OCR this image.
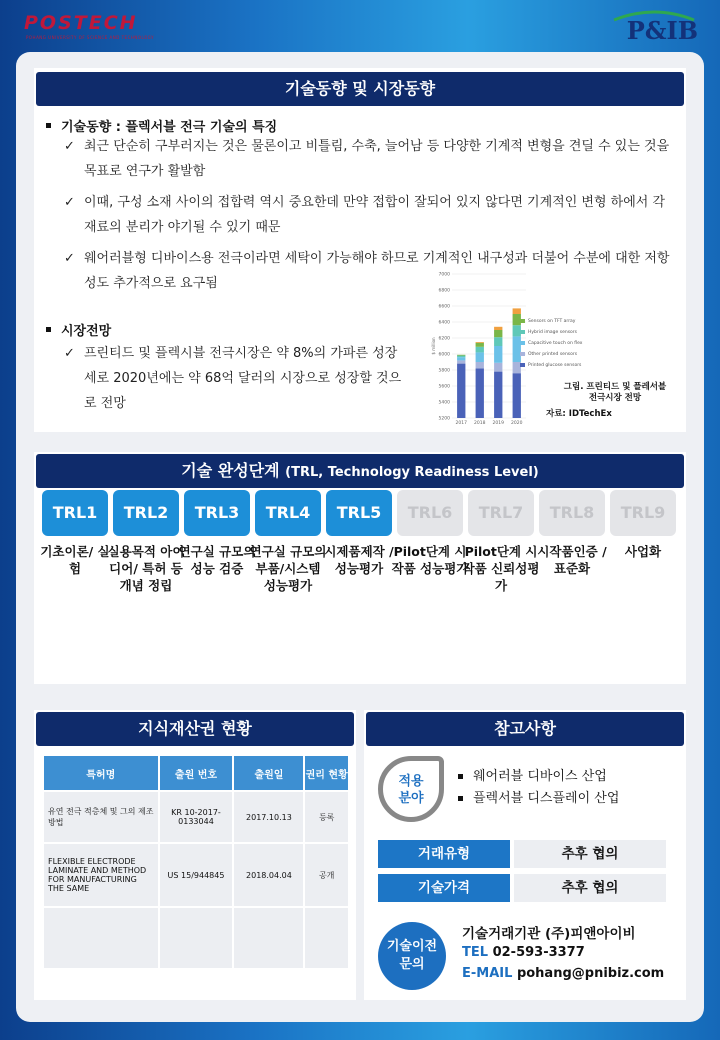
POSTECH
POHANG UNIVERSITY OF SCIENCE AND TECHNOLOGY	P&IB
기술동향 및 시장동향
기술동향 : 플렉서블 전극 기술의 특징
✓ 최근 단순히 구부러지는 것은 물론이고 비틀림, 수축, 늘어남 등 다양한 기계적 변형을 견딜 수 있는 것을 목표로 연구가 활발함
✓ 이때, 구성 소재 사이의 접합력 역시 중요한데 만약 접합이 잘되어 있지 않다면 기계적인 변형 하에서 각 재료의 분리가 야기될 수 있기 때문
✓ 웨어러블형 디바이스용 전극이라면 세탁이 가능해야 하므로 기계적인 내구성과 더불어 수분에 대한 저항성도 추가적으로 요구됨
시장전망
✓ 프린티드 및 플렉시블 전극시장은 약 8%의 가파른 성장세로 2020년에는 약 68억 달러의 시장으로 성장할 것으로 전망
5200
5400
5600
5800
6000
6200
6400
6600
6800
7000
$ million
2017 2018 2019 2020
Sensors on TFT array
Hybrid image sensors
Capacitive touch on flex
Other printed sensors
Printed glucose sensors
그림. 프린티드 및 플레서블
전극시장 전망
자료: IDTechEx
기술 완성단계 (TRL, Technology Readiness Level)
TRL1
기초이론/ 실험
TRL2
실용목적 아이디어/ 특허 등 개념 정립
TRL3
연구실 규모의 성능 검증
TRL4
연구실 규모의 부품/시스템 성능평가
TRL5
시제품제작 /성능평가
TRL6
Pilot단계 시작품 성능평가
TRL7
Pilot단계 시작품 신뢰성평가
TRL8
시작품인증 /표준화
TRL9
사업화
지식재산권 현황
특허명	출원 번호	출원일	권리 현황
유연 전극 적층체 및 그의 제조방법	KR 10-2017-0133044	2017.10.13	등록
FLEXIBLE ELECTRODE LAMINATE AND METHOD FOR MANUFACTURING THE SAME	US 15/944845	2018.04.04	공개

참고사항
적용 분야
웨어러블 디바이스 산업
플렉서블 디스플레이 산업
거래유형	추후 협의
기술가격	추후 협의
기술이전 문의
기술거래기관 (주)피앤아이비
TEL 02-593-3377
E-MAIL pohang@pnibiz.com
